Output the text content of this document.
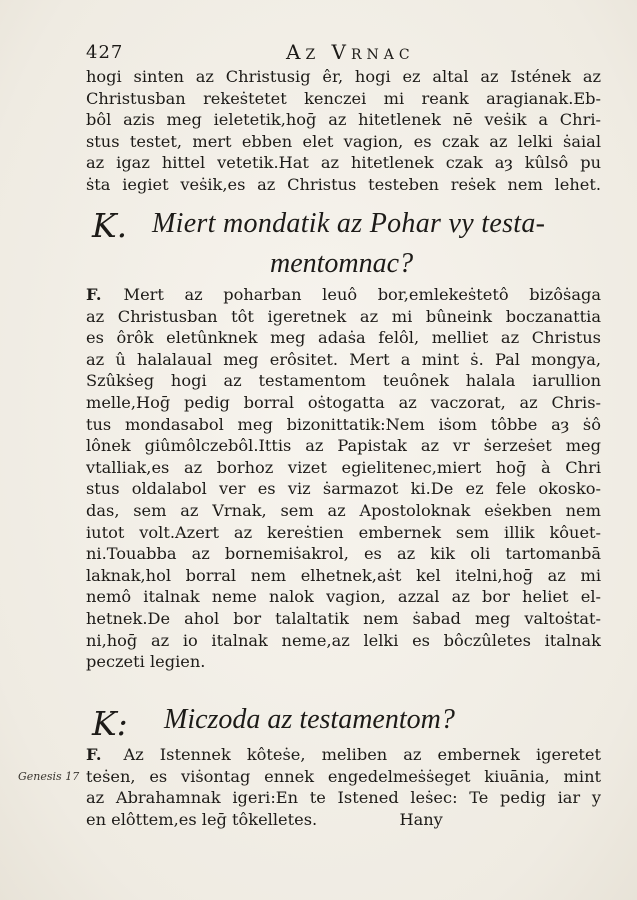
427	Az Vrnac
hogi sinten az Christusig êr, hogi ez altal az Istének az
Christusban rekeṡtetet kenczei mi reank aragianak.Eb-
bôl azis meg ieletetik,hoḡ az hitetlenek nē veṡik a Chri-
stus testet, mert ebben elet vagion, es czak az lelki ṡaial
az igaz hittel vetetik.Hat az hitetlenek czak aȝ kûlsô pu
ṡta iegiet veṡik,es az Christus testeben reṡek nem lehet.
K. Miert mondatik az Pohar vy testa-
mentomnac?
F. Mert az poharban leuô bor,emlekeṡtetô bizôṡaga
az Christusban tôt igeretnek az mi bûneink boczanattia
es ôrôk eletûnknek meg adaṡa felôl, melliet az Christus
az û halalaual meg erôsitet. Mert a mint ṡ. Pal mongya,
Szûkṡeg hogi az testamentom teuônek halala iarullion
melle,Hoḡ pedig borral oṡtogatta az vaczorat, az Chris-
tus mondasabol meg bizonittatik:Nem iṡom tôbbe aȝ ṡô
lônek giûmôlczebôl.Ittis az Papistak az vr ṡerzeṡet meg
vtalliak,es az borhoz vizet egielitenec,miert hoḡ à Chri
stus oldalabol ver es viz ṡarmazot ki.De ez fele okosko-
das, sem az Vrnak, sem az Apostoloknak eṡekben nem
iutot volt.Azert az kereṡtien embernek sem illik kôuet-
ni.Touabba az bornemiṡakrol, es az kik oli tartomanbā
laknak,hol borral nem elhetnek,aṡt kel itelni,hoḡ az mi
nemô italnak neme nalok vagion, azzal az bor heliet el-
hetnek.De ahol bor talaltatik nem ṡabad meg valtoṡtat-
ni,hoḡ az io italnak neme,az lelki es bôczûletes italnak
peczeti legien.
K: Miczoda az testamentom?
Genesis 17
F. Az Istennek kôteṡe, meliben az embernek igeretet
teṡen, es viṡontag ennek engedelmeṡṡeget kiuānia, mint
az Abrahamnak igeri:En te Istened leṡec: Te pedig iar y
en elôttem,es leḡ tôkelletes.                Hany
